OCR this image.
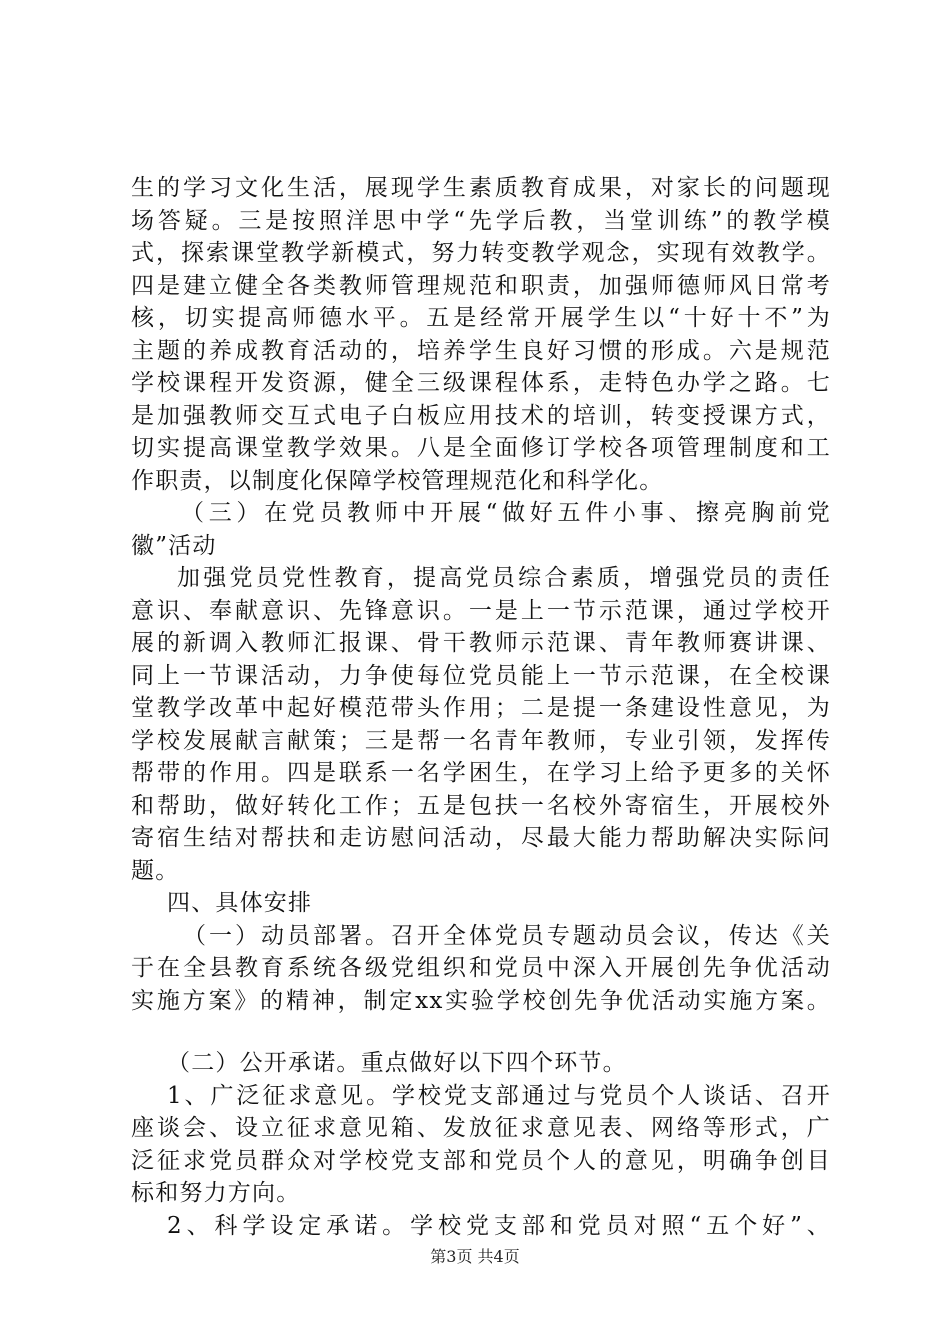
生的学习文化生活，展现学生素质教育成果，对家长的问题现
场答疑。三是按照洋思中学“先学后教，当堂训练”的教学模
式，探索课堂教学新模式，努力转变教学观念，实现有效教学。
四是建立健全各类教师管理规范和职责，加强师德师风日常考
核，切实提高师德水平。五是经常开展学生以“十好十不”为
主题的养成教育活动的，培养学生良好习惯的形成。六是规范
学校课程开发资源，健全三级课程体系，走特色办学之路。七
是加强教师交互式电子白板应用技术的培训，转变授课方式，
切实提高课堂教学效果。八是全面修订学校各项管理制度和工
作职责，以制度化保障学校管理规范化和科学化。
（三）在党员教师中开展“做好五件小事、擦亮胸前党
徽”活动
加强党员党性教育，提高党员综合素质，增强党员的责任
意识、奉献意识、先锋意识。一是上一节示范课，通过学校开
展的新调入教师汇报课、骨干教师示范课、青年教师赛讲课、
同上一节课活动，力争使每位党员能上一节示范课，在全校课
堂教学改革中起好模范带头作用；二是提一条建设性意见，为
学校发展献言献策；三是帮一名青年教师，专业引领，发挥传
帮带的作用。四是联系一名学困生，在学习上给予更多的关怀
和帮助，做好转化工作；五是包扶一名校外寄宿生，开展校外
寄宿生结对帮扶和走访慰问活动，尽最大能力帮助解决实际问
题。
四、具体安排
（一）动员部署。召开全体党员专题动员会议，传达《关
于在全县教育系统各级党组织和党员中深入开展创先争优活动
实施方案》的精神，制定xx实验学校创先争优活动实施方案。
（二）公开承诺。重点做好以下四个环节。
1、广泛征求意见。学校党支部通过与党员个人谈话、召开
座谈会、设立征求意见箱、发放征求意见表、网络等形式，广
泛征求党员群众对学校党支部和党员个人的意见，明确争创目
标和努力方向。
2、科学设定承诺。学校党支部和党员对照“五个好”、
第3页 共4页
